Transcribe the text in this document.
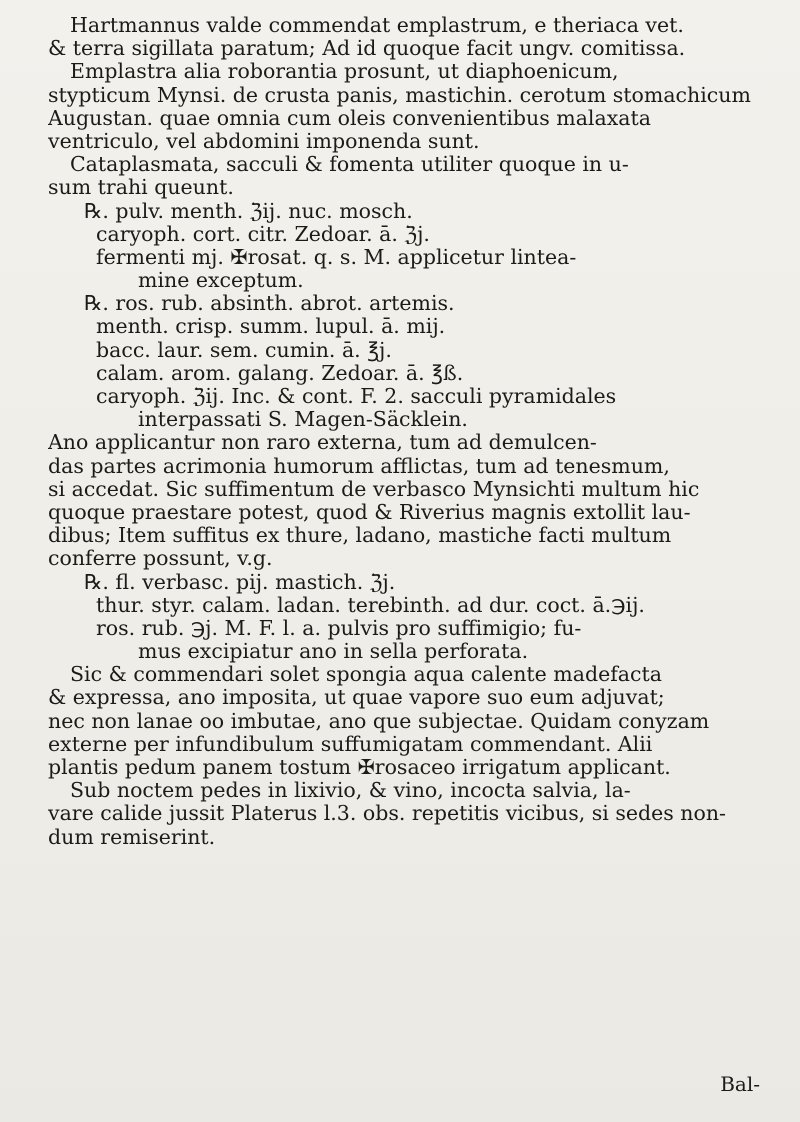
Hartmannus valde commendat emplastrum, e theriaca vet.
& terra sigillata paratum; Ad id quoque facit ungv. comitissa.
Emplastra alia roborantia prosunt, ut diaphoenicum,
stypticum Mynsi. de crusta panis, mastichin. cerotum stomachicum
Augustan. quae omnia cum oleis convenientibus malaxata
ventriculo, vel abdomini imponenda sunt.
Cataplasmata, sacculi & fomenta utiliter quoque in u-
sum trahi queunt.
℞. pulv. menth. ℨij. nuc. mosch.
caryoph. cort. citr. Zedoar. ā. ℨj.
fermenti mj. ✠rosat. q. s. M. applicetur lintea-
mine exceptum.
℞. ros. rub. absinth. abrot. artemis.
menth. crisp. summ. lupul. ā. mij.
bacc. laur. sem. cumin. ā. ℥j.
calam. arom. galang. Zedoar. ā. ℥ß.
caryoph. ℨij. Inc. & cont. F. 2. sacculi pyramidales
interpassati S. Magen-Säcklein.
Ano applicantur non raro externa, tum ad demulcen-
das partes acrimonia humorum afflictas, tum ad tenesmum,
si accedat. Sic suffimentum de verbasco Mynsichti multum hic
quoque praestare potest, quod & Riverius magnis extollit lau-
dibus; Item suffitus ex thure, ladano, mastiche facti multum
conferre possunt, v.g.
℞. fl. verbasc. pij. mastich. ℨj.
thur. styr. calam. ladan. terebinth. ad dur. coct. ā.℈ij.
ros. rub. ℈j. M. F. l. a. pulvis pro suffimigio; fu-
mus excipiatur ano in sella perforata.
Sic & commendari solet spongia aqua calente madefacta
& expressa, ano imposita, ut quae vapore suo eum adjuvat;
nec non lanae oo imbutae, ano que subjectae. Quidam conyzam
externe per infundibulum suffumigatam commendant. Alii
plantis pedum panem tostum ✠rosaceo irrigatum applicant.
Sub noctem pedes in lixivio, & vino, incocta salvia, la-
vare calide jussit Platerus l.3. obs. repetitis vicibus, si sedes non-
dum remiserint.
Bal-
